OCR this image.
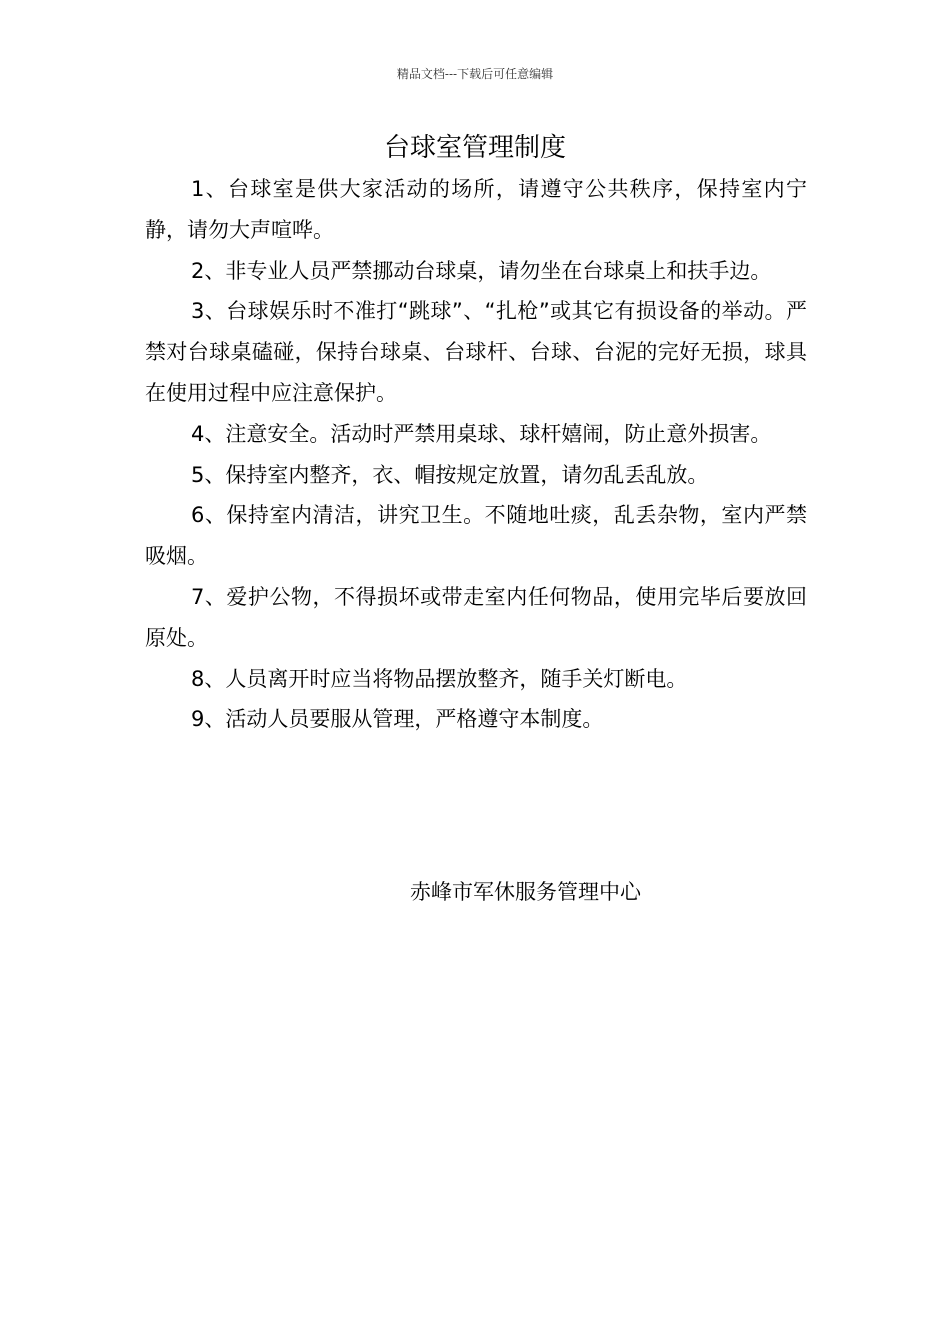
精品文档---下载后可任意编辑
台球室管理制度
1、台球室是供大家活动的场所，请遵守公共秩序，保持室内宁静，请勿大声喧哗。
2、非专业人员严禁挪动台球桌，请勿坐在台球桌上和扶手边。
3、台球娱乐时不准打“跳球”、“扎枪”或其它有损设备的举动。严禁对台球桌磕碰，保持台球桌、台球杆、台球、台泥的完好无损，球具在使用过程中应注意保护。
4、注意安全。活动时严禁用桌球、球杆嬉闹，防止意外损害。
5、保持室内整齐，衣、帽按规定放置，请勿乱丢乱放。
6、保持室内清洁，讲究卫生。不随地吐痰，乱丢杂物，室内严禁吸烟。
7、爱护公物，不得损坏或带走室内任何物品，使用完毕后要放回原处。
8、人员离开时应当将物品摆放整齐，随手关灯断电。
9、活动人员要服从管理，严格遵守本制度。
赤峰市军休服务管理中心
